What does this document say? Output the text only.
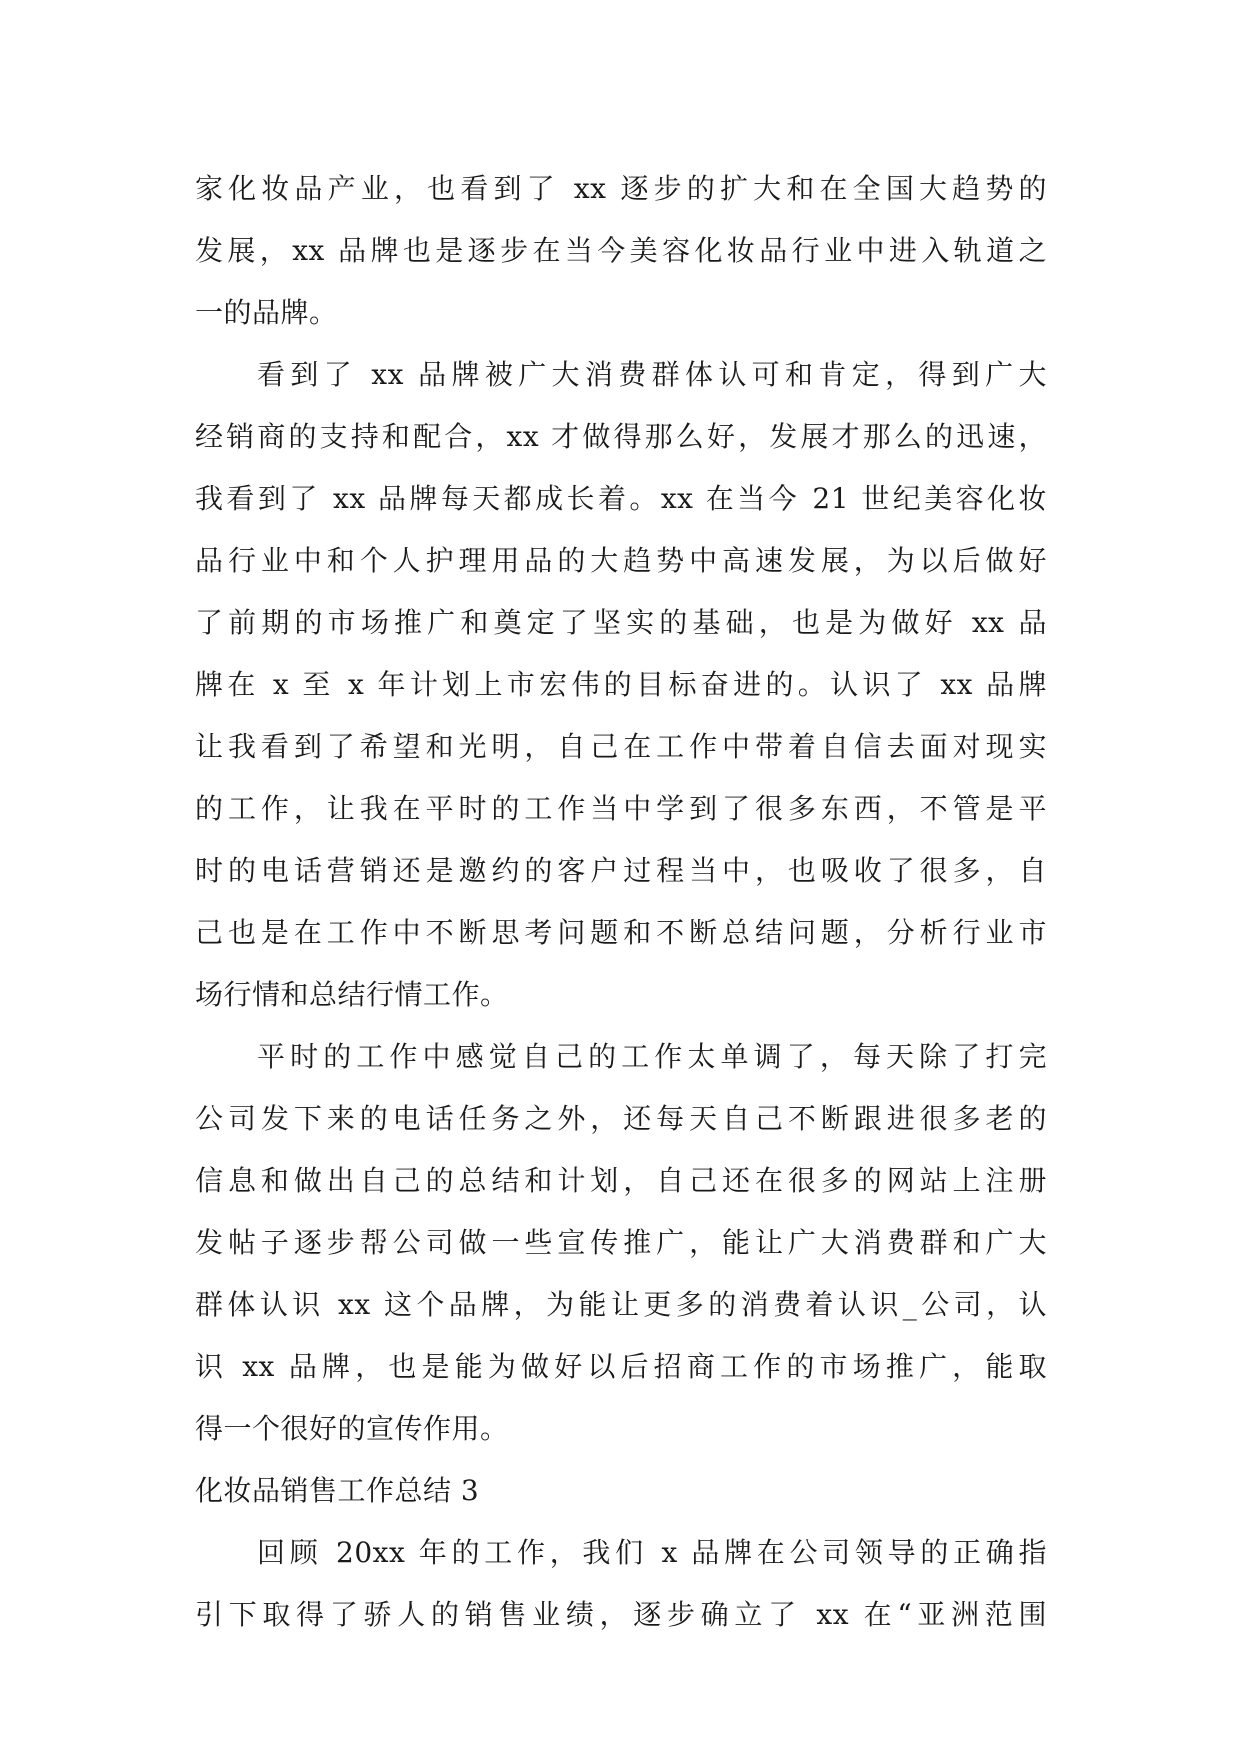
家化妆品产业，也看到了 xx 逐步的扩大和在全国大趋势的
发展，xx 品牌也是逐步在当今美容化妆品行业中进入轨道之
一的品牌。
看到了 xx 品牌被广大消费群体认可和肯定，得到广大
经销商的支持和配合，xx 才做得那么好，发展才那么的迅速，
我看到了 xx 品牌每天都成长着。xx 在当今 21 世纪美容化妆
品行业中和个人护理用品的大趋势中高速发展，为以后做好
了前期的市场推广和奠定了坚实的基础，也是为做好 xx 品
牌在 x 至 x 年计划上市宏伟的目标奋进的。认识了 xx 品牌
让我看到了希望和光明，自己在工作中带着自信去面对现实
的工作，让我在平时的工作当中学到了很多东西，不管是平
时的电话营销还是邀约的客户过程当中，也吸收了很多，自
己也是在工作中不断思考问题和不断总结问题，分析行业市
场行情和总结行情工作。
平时的工作中感觉自己的工作太单调了，每天除了打完
公司发下来的电话任务之外，还每天自己不断跟进很多老的
信息和做出自己的总结和计划，自己还在很多的网站上注册
发帖子逐步帮公司做一些宣传推广，能让广大消费群和广大
群体认识 xx 这个品牌，为能让更多的消费着认识_公司，认
识 xx 品牌，也是能为做好以后招商工作的市场推广，能取
得一个很好的宣传作用。
化妆品销售工作总结 3
回顾 20xx 年的工作，我们 x 品牌在公司领导的正确指
引下取得了骄人的销售业绩，逐步确立了 xx 在“亚洲范围
